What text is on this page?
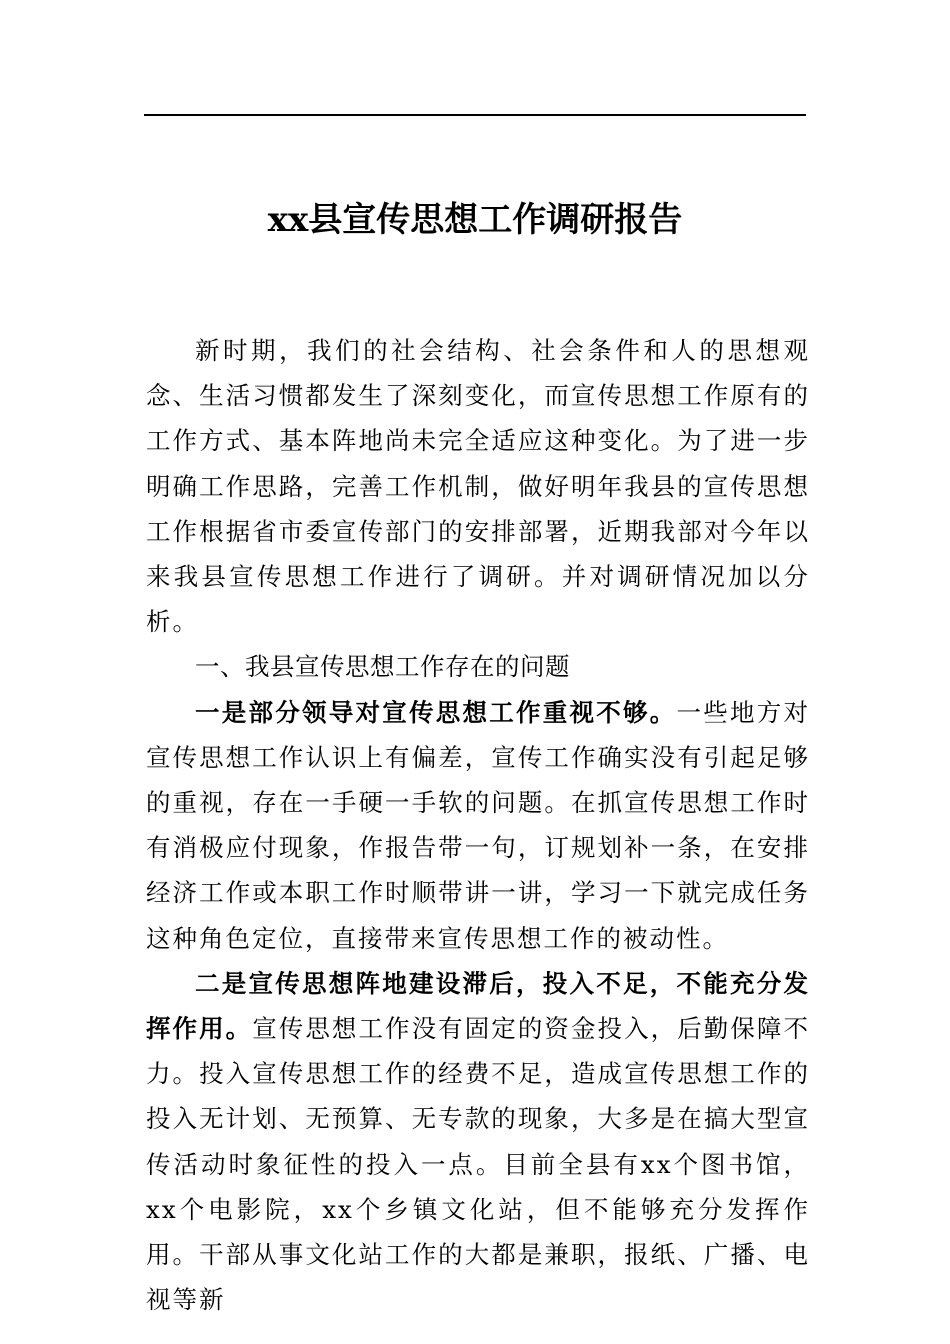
xx县宣传思想工作调研报告

新时期，我们的社会结构、社会条件和人的思想观念、生活习惯都发生了深刻变化，而宣传思想工作原有的工作方式、基本阵地尚未完全适应这种变化。为了进一步明确工作思路，完善工作机制，做好明年我县的宣传思想工作根据省市委宣传部门的安排部署，近期我部对今年以来我县宣传思想工作进行了调研。并对调研情况加以分析。

一、我县宣传思想工作存在的问题

一是部分领导对宣传思想工作重视不够。一些地方对宣传思想工作认识上有偏差，宣传工作确实没有引起足够的重视，存在一手硬一手软的问题。在抓宣传思想工作时有消极应付现象，作报告带一句，订规划补一条，在安排经济工作或本职工作时顺带讲一讲，学习一下就完成任务这种角色定位，直接带来宣传思想工作的被动性。

二是宣传思想阵地建设滞后，投入不足，不能充分发挥作用。宣传思想工作没有固定的资金投入，后勤保障不力。投入宣传思想工作的经费不足，造成宣传思想工作的投入无计划、无预算、无专款的现象，大多是在搞大型宣传活动时象征性的投入一点。目前全县有xx个图书馆，xx个电影院，xx个乡镇文化站，但不能够充分发挥作用。干部从事文化站工作的大都是兼职，报纸、广播、电视等新
